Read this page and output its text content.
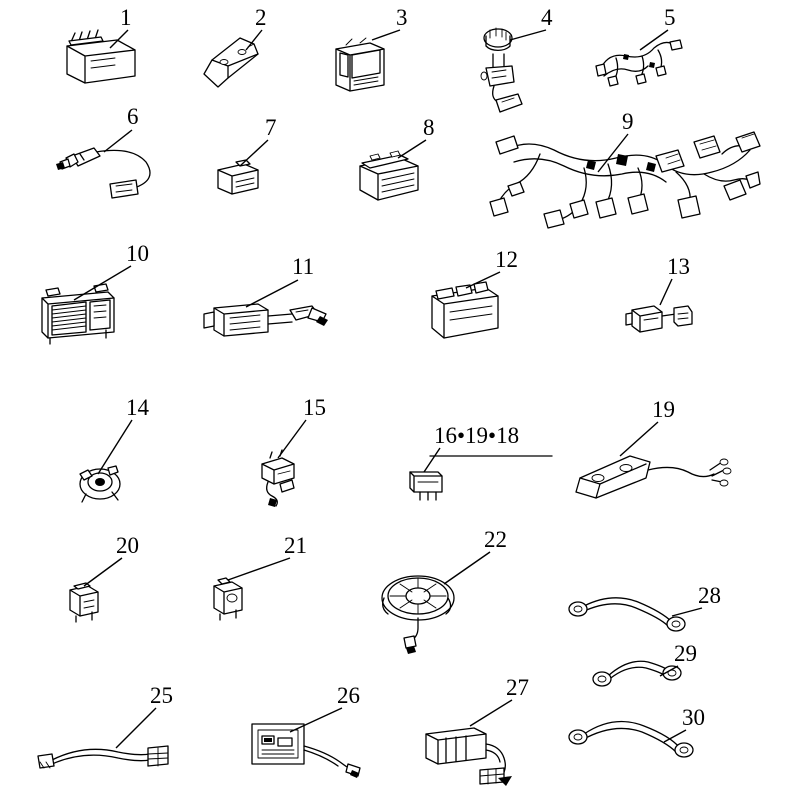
1	2	3	4	5
6	7	8	9
10
11	12	13
14	15
16•19•18
19
20	21	22
25	26	27
28
29
30
